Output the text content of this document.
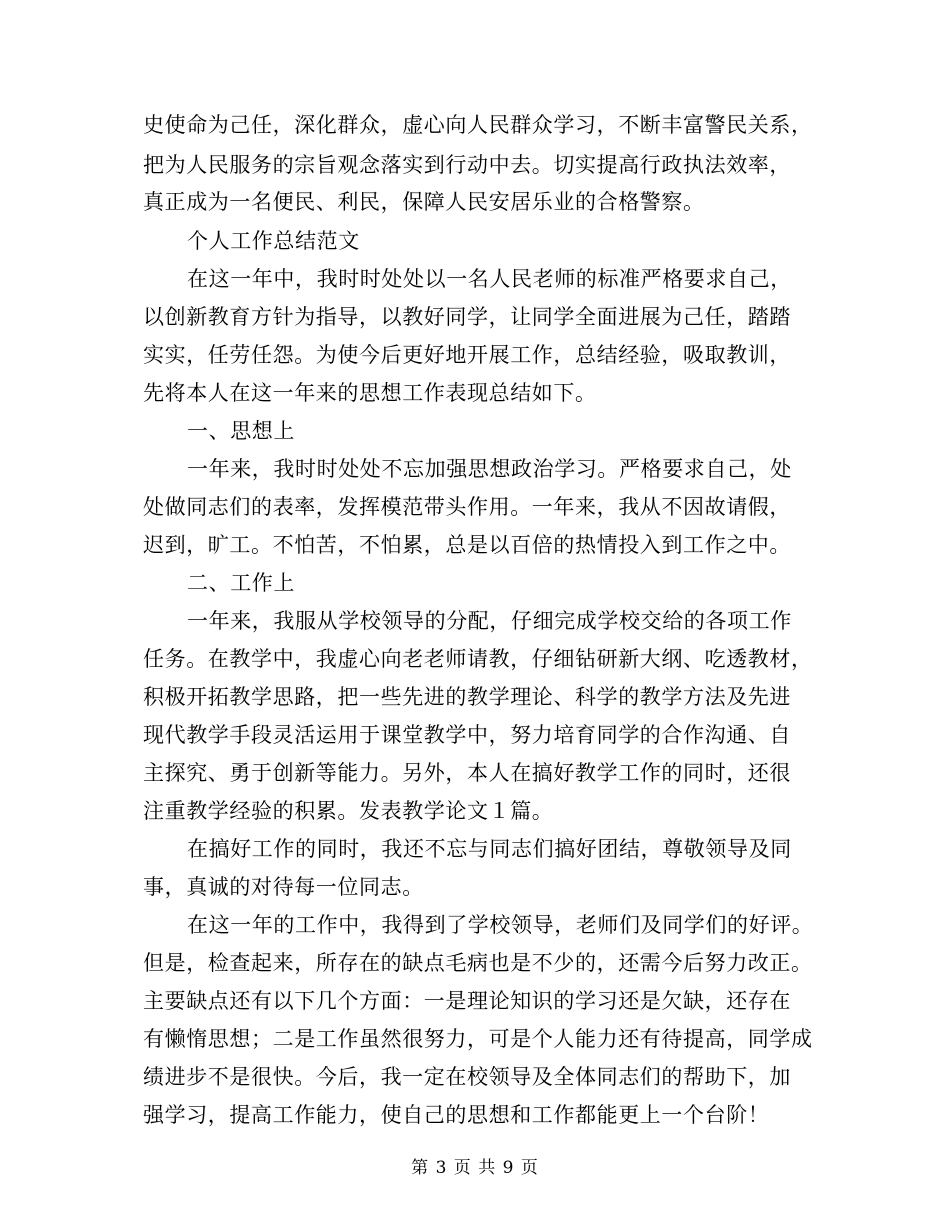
史使命为己任，深化群众，虚心向人民群众学习，不断丰富警民关系，
把为人民服务的宗旨观念落实到行动中去。切实提高行政执法效率，
真正成为一名便民、利民，保障人民安居乐业的合格警察。
个人工作总结范文
在这一年中，我时时处处以一名人民老师的标准严格要求自己，
以创新教育方针为指导，以教好同学，让同学全面进展为己任，踏踏
实实，任劳任怨。为使今后更好地开展工作，总结经验，吸取教训，
先将本人在这一年来的思想工作表现总结如下。
一、思想上
一年来，我时时处处不忘加强思想政治学习。严格要求自己，处
处做同志们的表率，发挥模范带头作用。一年来，我从不因故请假，
迟到，旷工。不怕苦，不怕累，总是以百倍的热情投入到工作之中。
二、工作上
一年来，我服从学校领导的分配，仔细完成学校交给的各项工作
任务。在教学中，我虚心向老老师请教，仔细钻研新大纲、吃透教材，
积极开拓教学思路，把一些先进的教学理论、科学的教学方法及先进
现代教学手段灵活运用于课堂教学中，努力培育同学的合作沟通、自
主探究、勇于创新等能力。另外，本人在搞好教学工作的同时，还很
注重教学经验的积累。发表教学论文１篇。
在搞好工作的同时，我还不忘与同志们搞好团结，尊敬领导及同
事，真诚的对待每一位同志。
在这一年的工作中，我得到了学校领导，老师们及同学们的好评。
但是，检查起来，所存在的缺点毛病也是不少的，还需今后努力改正。
主要缺点还有以下几个方面：一是理论知识的学习还是欠缺，还存在
有懒惰思想；二是工作虽然很努力，可是个人能力还有待提高，同学成
绩进步不是很快。今后，我一定在校领导及全体同志们的帮助下，加
强学习，提高工作能力，使自己的思想和工作都能更上一个台阶！
第 3 页 共 9 页
